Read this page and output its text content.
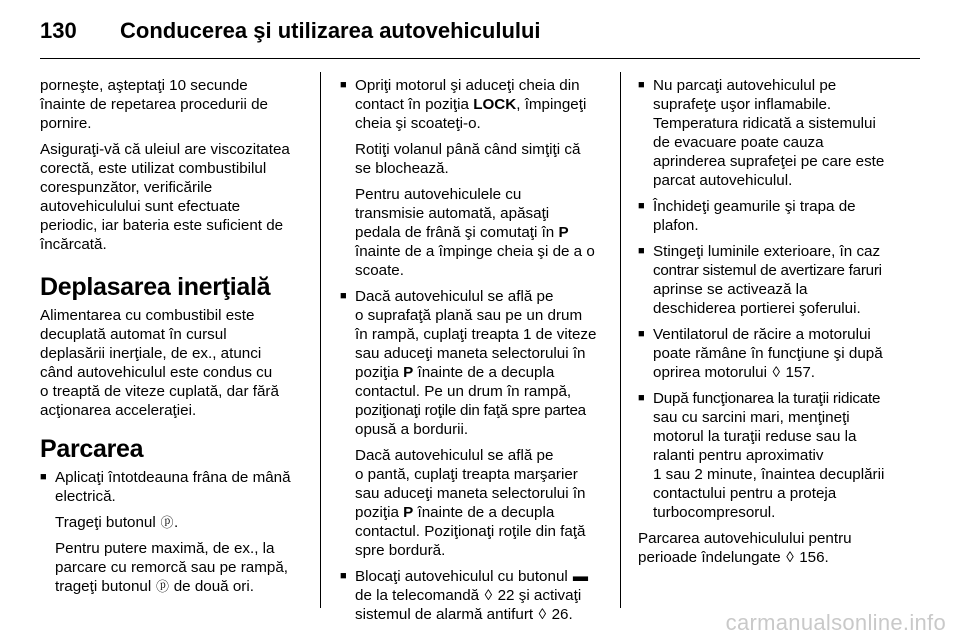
130 Conducerea şi utilizarea autovehiculului

porneşte, aşteptaţi 10 secunde
înainte de repetarea procedurii de
pornire.

Asiguraţi-vă că uleiul are viscozitatea
corectă, este utilizat combustibilul
corespunzător, verificările
autovehiculului sunt efectuate
periodic, iar bateria este suficient de
încărcată.

Deplasarea inerţială

Alimentarea cu combustibil este
decuplată automat în cursul
deplasării inerţiale, de ex., atunci
când autovehiculul este condus cu
o treaptă de viteze cuplată, dar fără
acţionarea acceleraţiei.

Parcarea

■ Aplicaţi întotdeauna frâna de mână
electrică.

Trageţi butonul ⓟ.

Pentru putere maximă, de ex., la
parcare cu remorcă sau pe rampă,
trageţi butonul ⓟ de două ori.

■ Opriţi motorul şi aduceţi cheia din
contact în poziţia LOCK, împingeţi
cheia şi scoateţi-o.

Rotiţi volanul până când simţiţi că
se blochează.

Pentru autovehiculele cu
transmisie automată, apăsaţi
pedala de frână şi comutaţi în P
înainte de a împinge cheia şi de a o
scoate.

■ Dacă autovehiculul se află pe
o suprafaţă plană sau pe un drum
în rampă, cuplaţi treapta 1 de viteze
sau aduceţi maneta selectorului în
poziţia P înainte de a decupla
contactul. Pe un drum în rampă,
poziţionaţi roţile din faţă spre partea
opusă a bordurii.

Dacă autovehiculul se află pe
o pantă, cuplaţi treapta marşarier
sau aduceţi maneta selectorului în
poziţia P înainte de a decupla
contactul. Poziţionaţi roţile din faţă
spre bordură.

■ Blocaţi autovehiculul cu butonul ▬
de la telecomandă ◊ 22 şi activaţi
sistemul de alarmă antifurt ◊ 26.

■ Nu parcaţi autovehiculul pe
suprafeţe uşor inflamabile.
Temperatura ridicată a sistemului
de evacuare poate cauza
aprinderea suprafeţei pe care este
parcat autovehiculul.

■ Închideţi geamurile şi trapa de
plafon.

■ Stingeţi luminile exterioare, în caz
contrar sistemul de avertizare faruri
aprinse se activează la
deschiderea portierei şoferului.

■ Ventilatorul de răcire a motorului
poate rămâne în funcţiune şi după
oprirea motorului ◊ 157.

■ După funcţionarea la turaţii ridicate
sau cu sarcini mari, menţineţi
motorul la turaţii reduse sau la
ralanti pentru aproximativ
1 sau 2 minute, înaintea decuplării
contactului pentru a proteja
turbocompresorul.

Parcarea autovehiculului pentru
perioade îndelungate ◊ 156.

carmanualsonline.info
